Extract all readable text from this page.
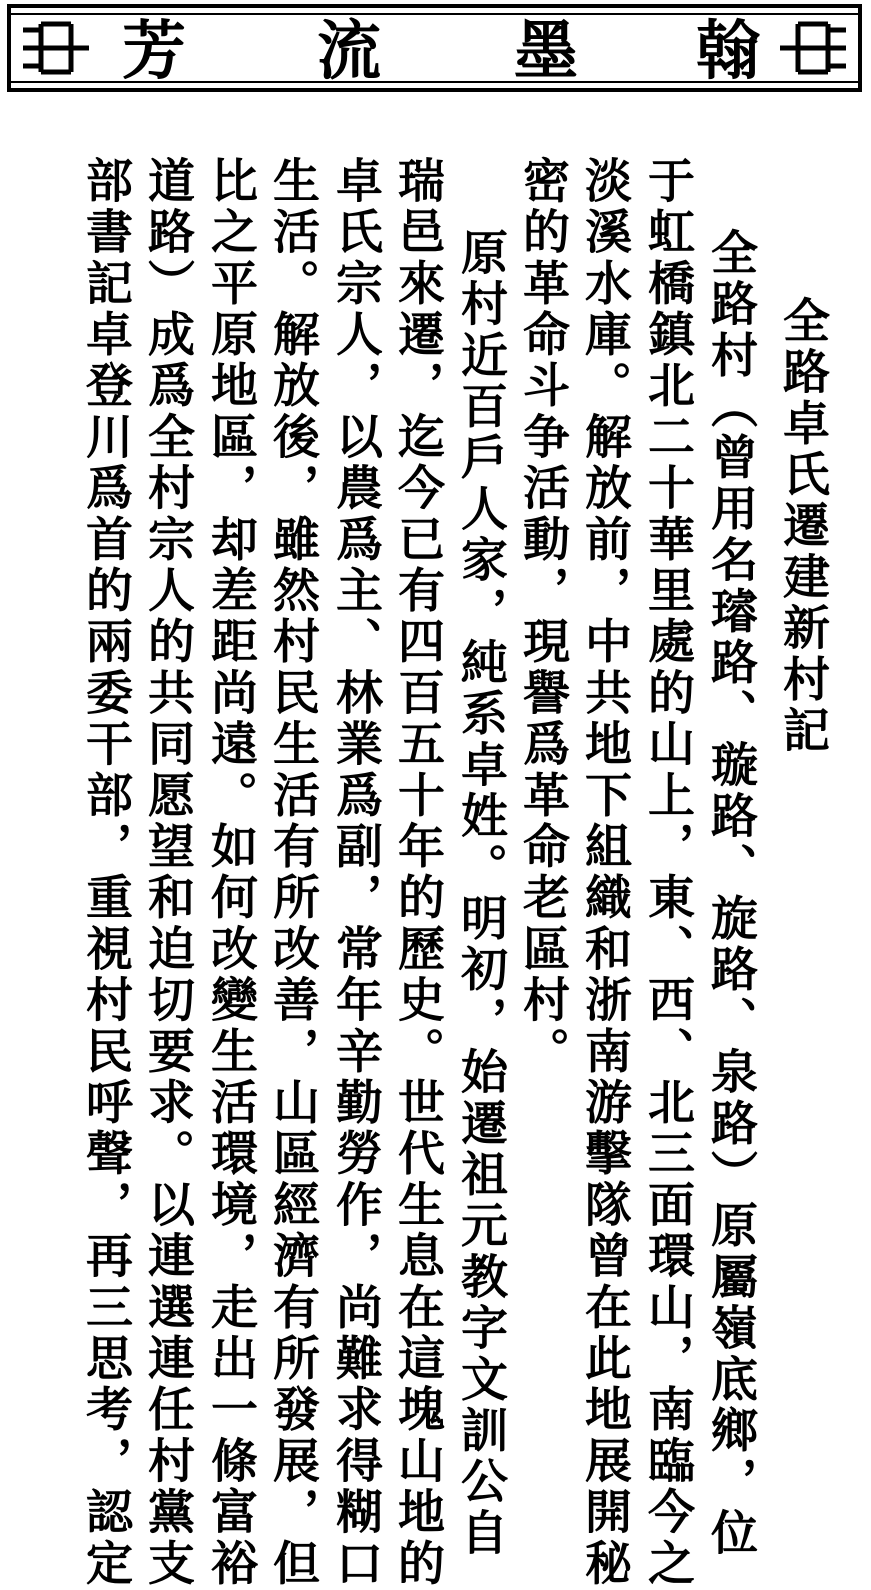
芳 流 墨 翰
全路卓氏遷建新村記
全路村（曾用名璿路、璇路、旋路、泉路）原屬嶺底鄉，位
于虹橋鎮北二十華里處的山上，東、西、北三面環山，南臨今之
淡溪水庫。解放前，中共地下組織和浙南游擊隊曾在此地展開秘
密的革命斗争活動，現譽爲革命老區村。
原村近百戶人家，純系卓姓。明初，始遷祖元教字文訓公自
瑞邑來遷，迄今已有四百五十年的歷史。世代生息在這塊山地的
卓氏宗人，以農爲主、林業爲副，常年辛勤勞作，尚難求得糊口
生活。解放後，雖然村民生活有所改善，山區經濟有所發展，但
比之平原地區，却差距尚遠。如何改變生活環境，走出一條富裕
道路）成爲全村宗人的共同愿望和迫切要求。以連選連任村黨支
部書記卓登川爲首的兩委干部，重視村民呼聲，再三思考，認定
